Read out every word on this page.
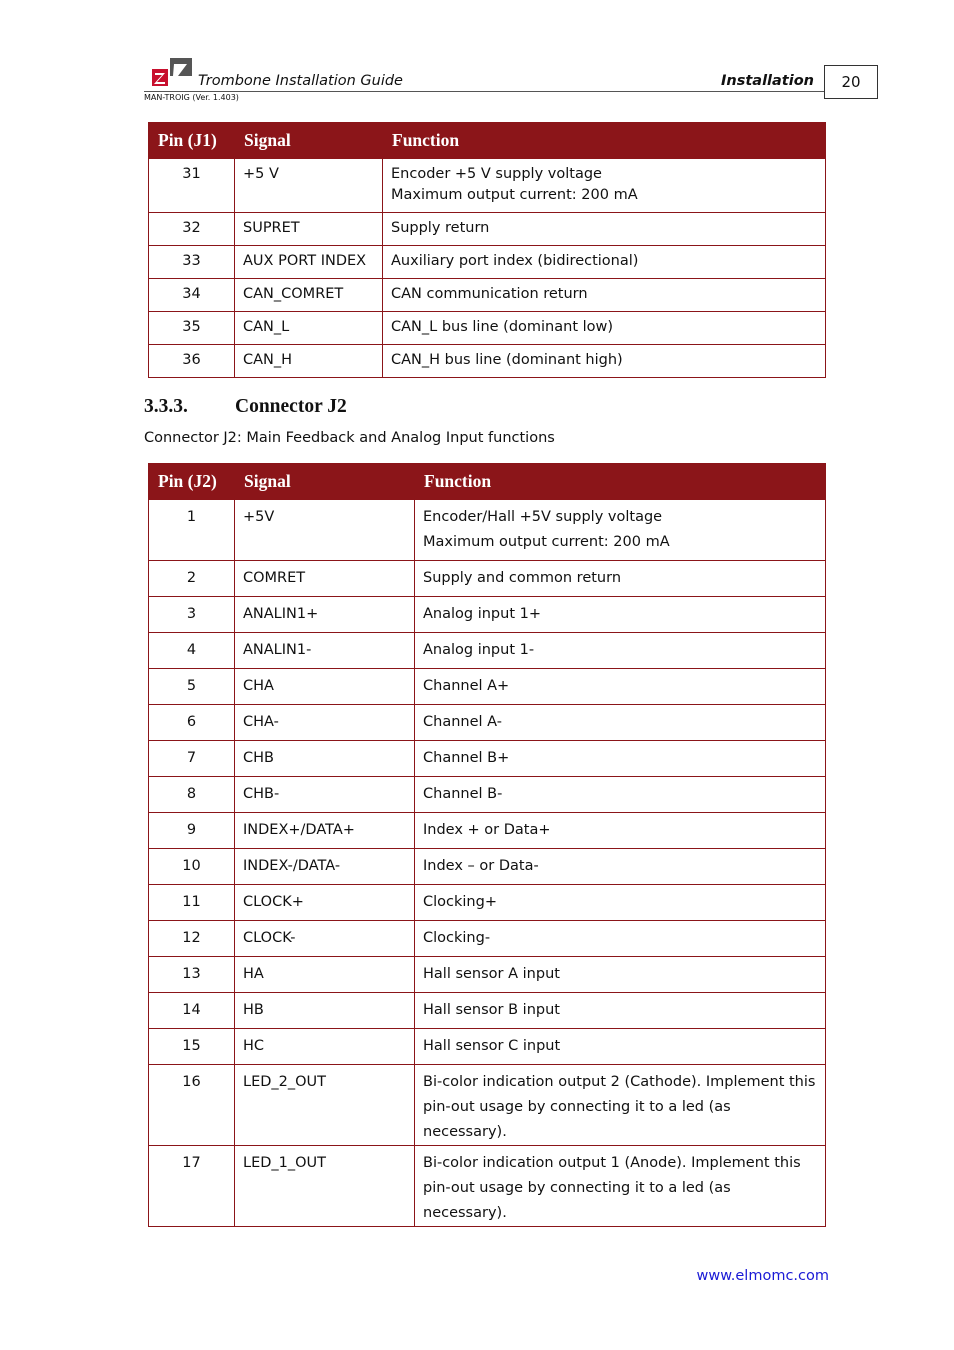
Trombone Installation Guide	Installation	20
MAN-TROIG (Ver. 1.403)
Pin (J1)	Signal	Function
31	+5 V	Encoder +5 V supply voltage
Maximum output current: 200 mA

32	SUPRET	Supply return

33	AUX PORT INDEX	Auxiliary port index (bidirectional)

34	CAN_COMRET	CAN communication return

35	CAN_L	CAN_L bus line (dominant low)

36	CAN_H	CAN_H bus line (dominant high)
3.3.3. Connector J2
Connector J2: Main Feedback and Analog Input functions
Pin (J2)	Signal	Function
1	+5V	Encoder/Hall +5V supply voltage
Maximum output current: 200 mA

2	COMRET	Supply and common return

3	ANALIN1+	Analog input 1+

4	ANALIN1-	Analog input 1-

5	CHA	Channel A+

6	CHA-	Channel A-

7	CHB	Channel B+

8	CHB-	Channel B-

9	INDEX+/DATA+	Index + or Data+

10	INDEX-/DATA-	Index – or Data-

11	CLOCK+	Clocking+

12	CLOCK-	Clocking-

13	HA	Hall sensor A input

14	HB	Hall sensor B input

15	HC	Hall sensor C input

16	LED_2_OUT	Bi-color indication output 2 (Cathode). Implement this
pin-out usage by connecting it to a led (as necessary).

17	LED_1_OUT	Bi-color indication output 1 (Anode). Implement this
pin-out usage by connecting it to a led (as necessary).
www.elmomc.com
